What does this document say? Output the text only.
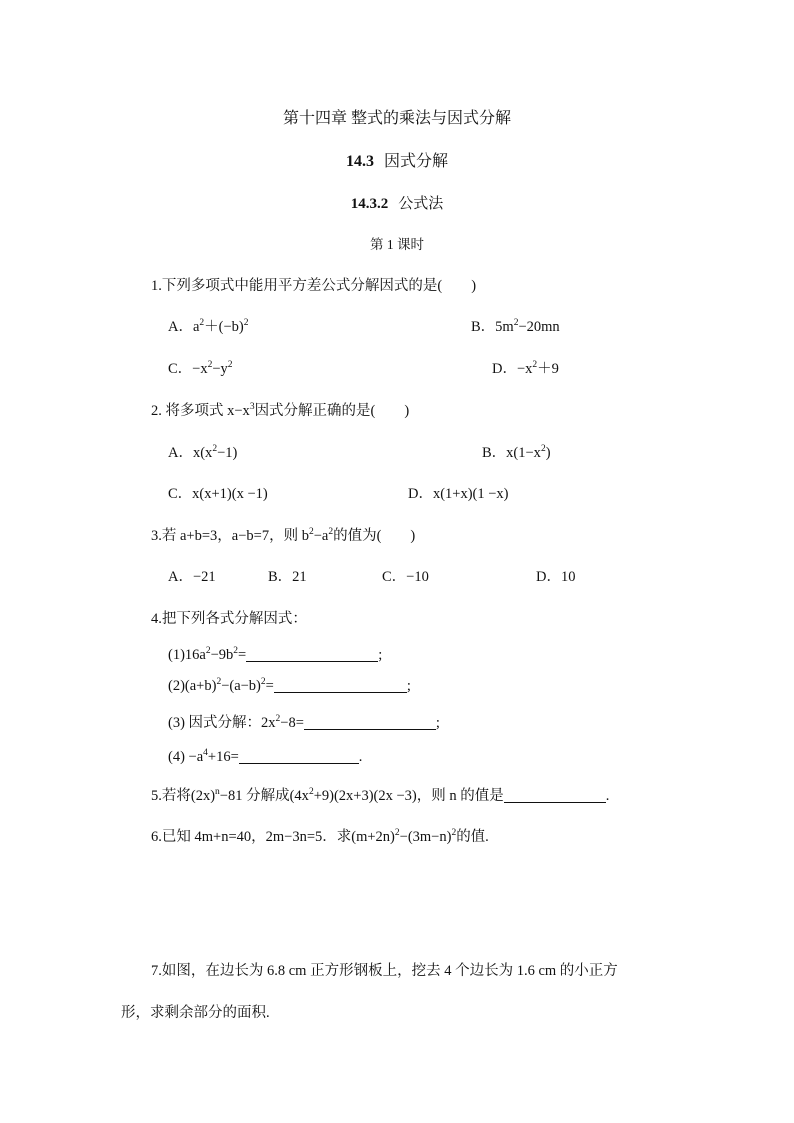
第十四章 整式的乘法与因式分解
14.3 因式分解
14.3.2 公式法
第 1 课时
1.下列多项式中能用平方差公式分解因式的是(　　)
A．$a^2+(-b)^2$	B．$5m^2-20mn$
C．$-x^2-y^2$	D．$-x^2+9$
2. 将多项式 $x-x^3$因式分解正确的是(　　)
A．$x(x^2-1)$	B．$x(1-x^2)$
C．x(x+1)(x −1)	D．x(1+x)(1 −x)
3.若 a+b=3，a−b=7，则 $b^2-a^2$的值为(　　)
A．−21	B．21	C．−10	D．10
4.把下列各式分解因式：
$(1)16a^2-9b^2=$	;
$(2)(a+b)^2-(a-b)^2=$	;
(3) 因式分解：$2x^2-8=$	;
$(4) -a^4+16=$	.
5.若将$(2x)^n-81$ 分解成$(4x^2+9)(2x+3)(2x -3)$，则 n 的值是	.
6.已知 4m+n=40，2m−3n=5．求$(m+2n)^2-(3m-n)^2$的值.
7.如图，在边长为 6.8 cm 正方形钢板上，挖去 4 个边长为 1.6 cm 的小正方
形，求剩余部分的面积.
